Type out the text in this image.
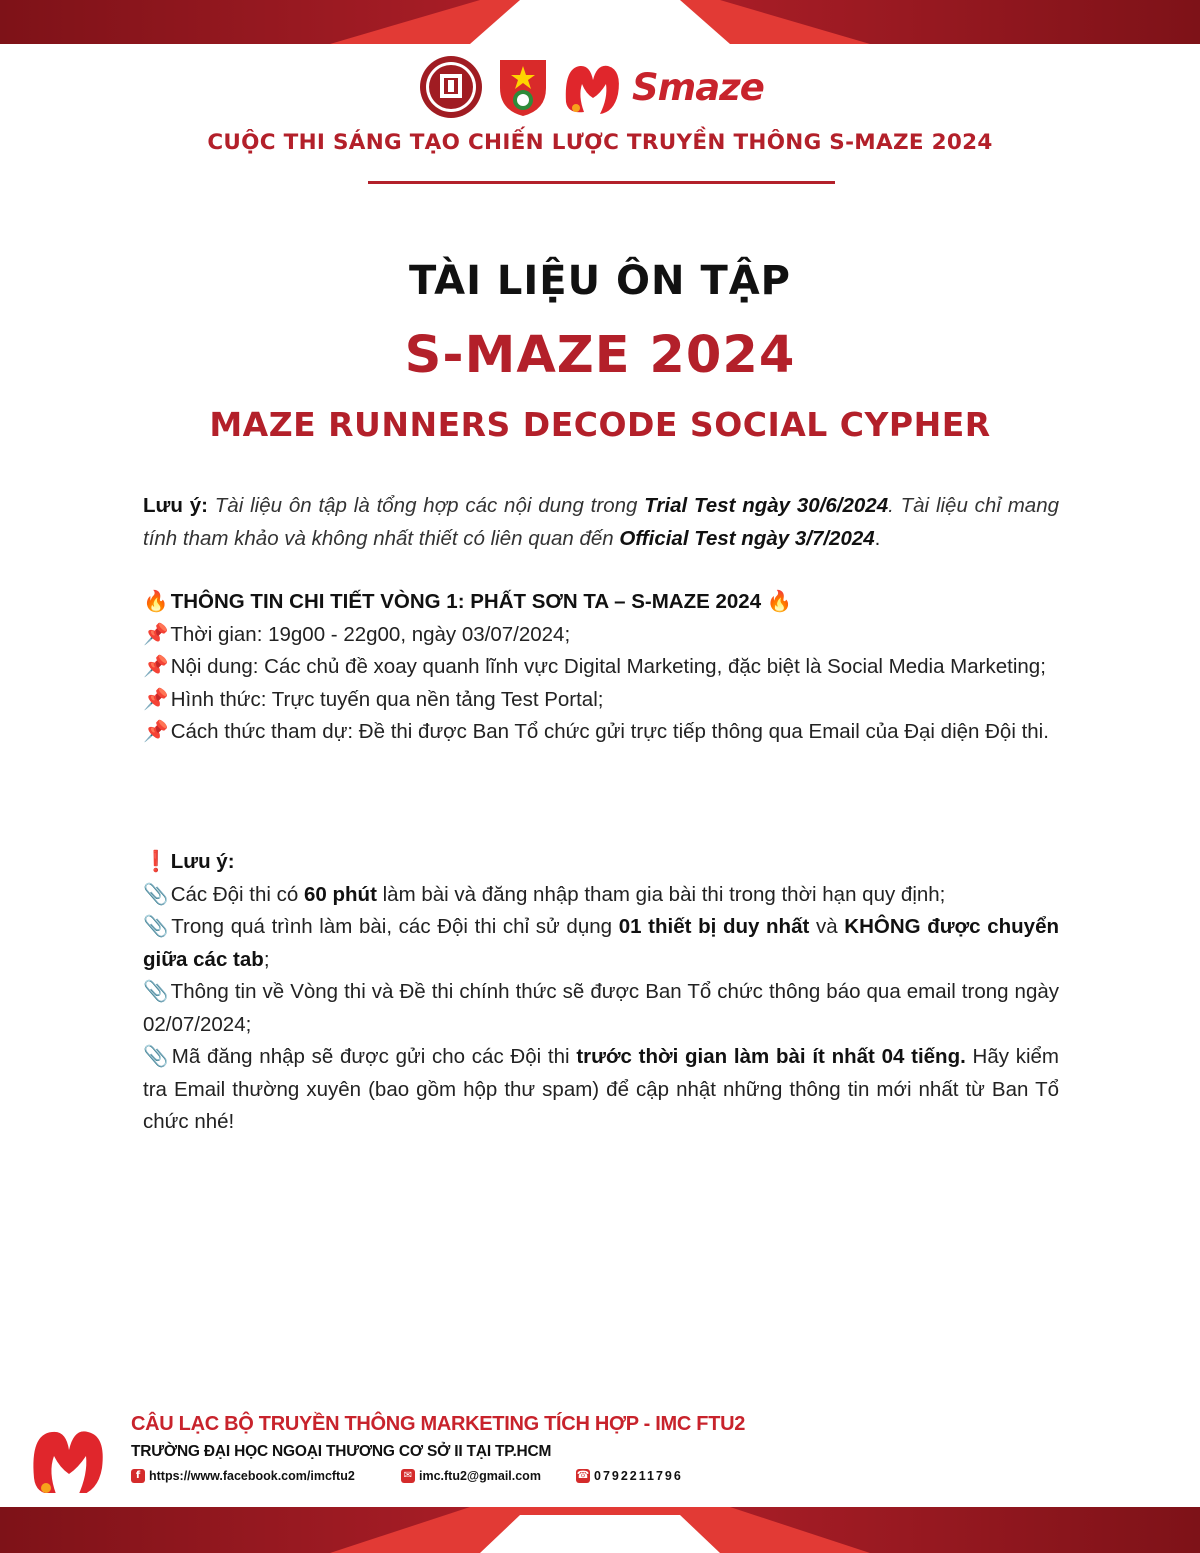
Smaze
CUỘC THI SÁNG TẠO CHIẾN LƯỢC TRUYỀN THÔNG S-MAZE 2024
TÀI LIỆU ÔN TẬP
S-MAZE 2024
MAZE RUNNERS DECODE SOCIAL CYPHER
Lưu ý: Tài liệu ôn tập là tổng hợp các nội dung trong Trial Test ngày 30/6/2024. Tài liệu chỉ mang tính tham khảo và không nhất thiết có liên quan đến Official Test ngày 3/7/2024.

🔥 THÔNG TIN CHI TIẾT VÒNG 1: PHẤT SƠN TA – S-MAZE 2024 🔥

📌 Thời gian: 19g00 - 22g00, ngày 03/07/2024;

📌 Nội dung: Các chủ đề xoay quanh lĩnh vực Digital Marketing, đặc biệt là Social Media Marketing;

📌 Hình thức: Trực tuyến qua nền tảng Test Portal;

📌 Cách thức tham dự: Đề thi được Ban Tổ chức gửi trực tiếp thông qua Email của Đại diện Đội thi.

❗ Lưu ý:

📎 Các Đội thi có 60 phút làm bài và đăng nhập tham gia bài thi trong thời hạn quy định;

📎 Trong quá trình làm bài, các Đội thi chỉ sử dụng 01 thiết bị duy nhất và KHÔNG được chuyển giữa các tab;

📎 Thông tin về Vòng thi và Đề thi chính thức sẽ được Ban Tổ chức thông báo qua email trong ngày 02/07/2024;

📎 Mã đăng nhập sẽ được gửi cho các Đội thi trước thời gian làm bài ít nhất 04 tiếng. Hãy kiểm tra Email thường xuyên (bao gồm hộp thư spam) để cập nhật những thông tin mới nhất từ Ban Tổ chức nhé!

CÂU LẠC BỘ TRUYỀN THÔNG MARKETING TÍCH HỢP - IMC FTU2
TRƯỜNG ĐẠI HỌC NGOẠI THƯƠNG CƠ SỞ II TẠI TP.HCM
f https://www.facebook.com/imcftu2	✉ imc.ftu2@gmail.com	☎ 0792211796
